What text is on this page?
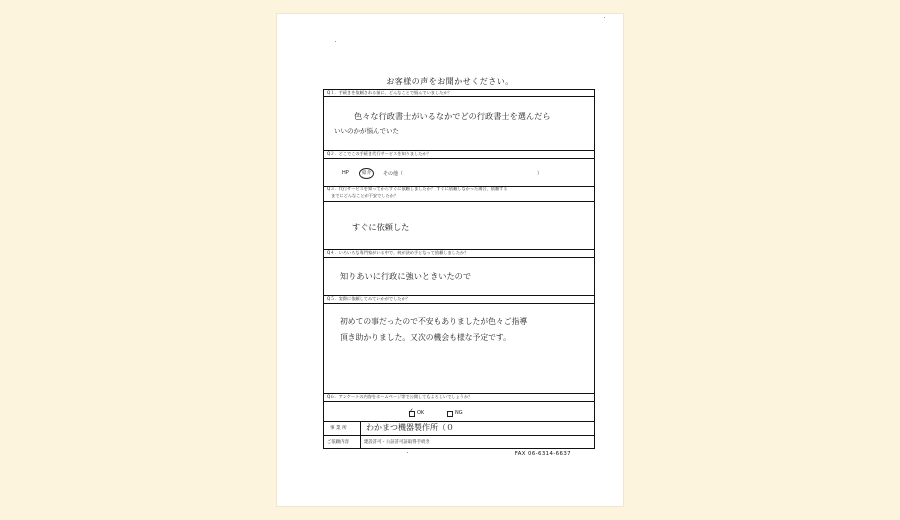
お客様の声をお聞かせください。
Q１．手続きを依頼される前に、どんなことで悩んでいましたか？
色々な行政書士がいるなかでどの行政書士を選んだら
いいのかが悩んでいた
Q２．どこでこの手続き代行サービスを知りましたか？
HP	紹介 その他（	）
Q３．代行サービスを知ってからすぐに依頼しましたか？ すぐに依頼しなかった場合、依頼する
までにどんなことが不安でしたか？
すぐに依頼した
Q４．いろいろな専門家がいる中で、何が決め手となって依頼しましたか？
知りあいに行政に強いときいたので
Q５．実際に依頼してみていかがでしたか？
初めての事だったので不安もありましたが色々ご指導
頂き助かりました。又次の機会も様な予定です。
Q６．アンケートの内容をホームページ等で公開してもよろしいでしょうか？
✓ OK	NG
事 業 所 わかまつ機器製作所（０
ご依頼内容	建設許可・公証許可証取得手続き
FAX 06-6314-6637
